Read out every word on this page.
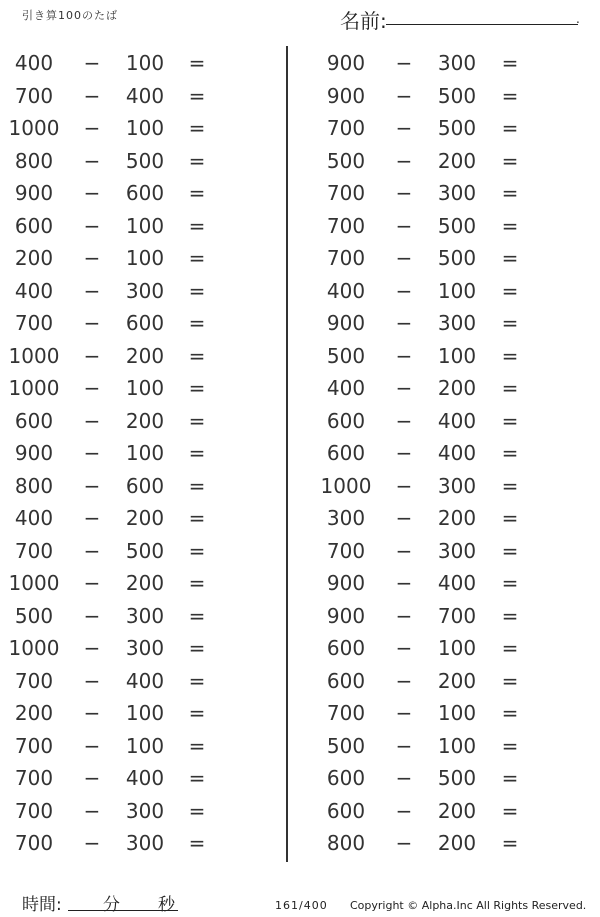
引き算100のたば	名前:	.
400	− 100 =
700	− 400 =
1000	− 100 =
800	− 500 =
900	− 600 =
600	− 100 =
200	− 100 =
400	− 300 =
700	− 600 =
1000	− 200 =
1000	− 100 =
600	− 200 =
900	− 100 =
800	− 600 =
400	− 200 =
700	− 500 =
1000	− 200 =
500	− 300 =
1000	− 300 =
700	− 400 =
200	− 100 =
700	− 100 =
700	− 400 =
700	− 300 =
700	− 300 =
900	− 300 =
900	− 500 =
700	− 500 =
500	− 200 =
700	− 300 =
700	− 500 =
700	− 500 =
400	− 100 =
900	− 300 =
500	− 100 =
400	− 200 =
600	− 400 =
600	− 400 =
1000	− 300 =
300	− 200 =
700	− 300 =
900	− 400 =
900	− 700 =
600	− 100 =
600	− 200 =
700	− 100 =
500	− 100 =
600	− 500 =
600	− 200 =
800	− 200 =
時間: 分 秒	161/400 Copyright © Alpha.Inc All Rights Reserved.
